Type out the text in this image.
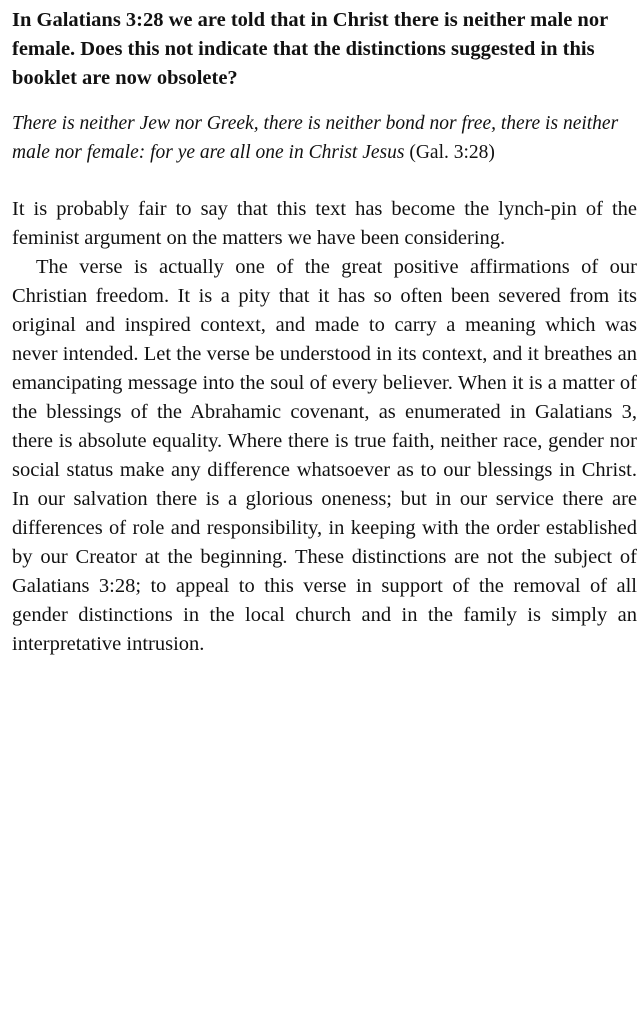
In Galatians 3:28 we are told that in Christ there is neither male nor female. Does this not indicate that the distinctions suggested in this booklet are now obsolete?

There is neither Jew nor Greek, there is neither bond nor free, there is neither male nor female: for ye are all one in Christ Jesus (Gal. 3:28)

It is probably fair to say that this text has become the lynch-pin of the feminist argument on the matters we have been considering.

The verse is actually one of the great positive affirmations of our Christian freedom. It is a pity that it has so often been severed from its original and inspired context, and made to carry a meaning which was never intended. Let the verse be understood in its context, and it breathes an emancipating message into the soul of every believer. When it is a matter of the blessings of the Abrahamic covenant, as enumerated in Galatians 3, there is absolute equality. Where there is true faith, neither race, gender nor social status make any difference whatsoever as to our blessings in Christ. In our salvation there is a glorious oneness; but in our service there are differences of role and responsibility, in keeping with the order established by our Creator at the beginning. These distinctions are not the subject of Galatians 3:28; to appeal to this verse in support of the removal of all gender distinctions in the local church and in the family is simply an interpretative intrusion.
